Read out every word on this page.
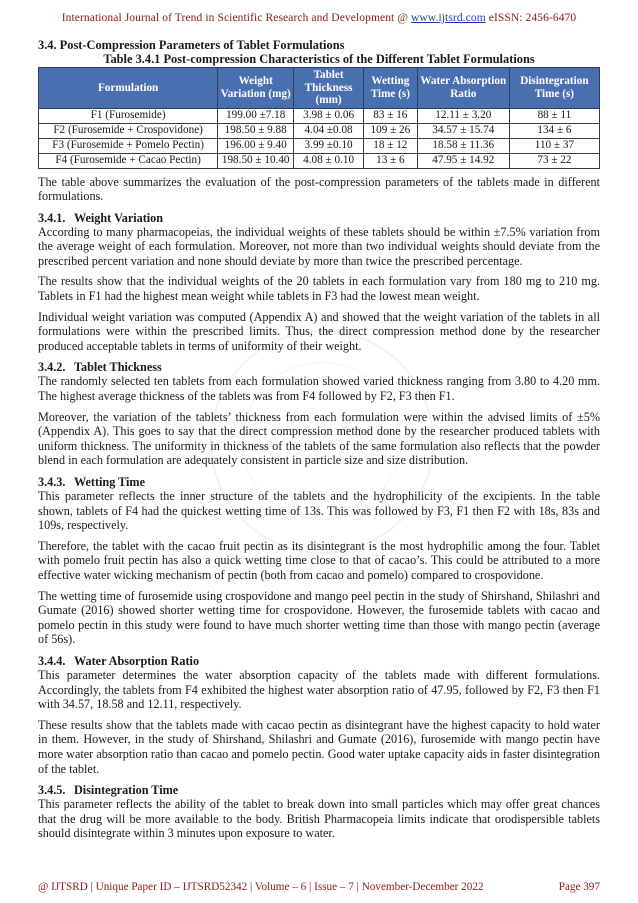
International Journal of Trend in Scientific Research and Development @ www.ijtsrd.com eISSN: 2456-6470
3.4. Post-Compression Parameters of Tablet Formulations
Table 3.4.1 Post-compression Characteristics of the Different Tablet Formulations
Formulation	Weight Variation (mg)	Tablet Thickness (mm)	Wetting Time (s)	Water Absorption Ratio	Disintegration Time (s)
F1 (Furosemide)	199.00 ±7.18	3.98 ± 0.06	83 ± 16	12.11 ± 3.20	88 ± 11
F2 (Furosemide + Crospovidone)	198.50 ± 9.88	4.04 ±0.08	109 ± 26	34.57 ± 15.74	134 ± 6
F3 (Furosemide + Pomelo Pectin)	196.00 ± 9.40	3.99 ±0.10	18 ± 12	18.58 ± 11.36	110 ± 37
F4 (Furosemide + Cacao Pectin)	198.50 ± 10.40	4.08 ± 0.10	13 ± 6	47.95 ± 14.92	73 ± 22

The table above summarizes the evaluation of the post-compression parameters of the tablets made in different formulations.

3.4.1. Weight Variation

According to many pharmacopeias, the individual weights of these tablets should be within ±7.5% variation from the average weight of each formulation. Moreover, not more than two individual weights should deviate from the prescribed percent variation and none should deviate by more than twice the prescribed percentage.

The results show that the individual weights of the 20 tablets in each formulation vary from 180 mg to 210 mg. Tablets in F1 had the highest mean weight while tablets in F3 had the lowest mean weight.

Individual weight variation was computed (Appendix A) and showed that the weight variation of the tablets in all formulations were within the prescribed limits. Thus, the direct compression method done by the researcher produced acceptable tablets in terms of uniformity of their weight.

3.4.2. Tablet Thickness

The randomly selected ten tablets from each formulation showed varied thickness ranging from 3.80 to 4.20 mm. The highest average thickness of the tablets was from F4 followed by F2, F3 then F1.

Moreover, the variation of the tablets’ thickness from each formulation were within the advised limits of ±5% (Appendix A). This goes to say that the direct compression method done by the researcher produced tablets with uniform thickness. The uniformity in thickness of the tablets of the same formulation also reflects that the powder blend in each formulation are adequately consistent in particle size and size distribution.

3.4.3. Wetting Time

This parameter reflects the inner structure of the tablets and the hydrophilicity of the excipients. In the table shown, tablets of F4 had the quickest wetting time of 13s. This was followed by F3, F1 then F2 with 18s, 83s and 109s, respectively.

Therefore, the tablet with the cacao fruit pectin as its disintegrant is the most hydrophilic among the four. Tablet with pomelo fruit pectin has also a quick wetting time close to that of cacao’s. This could be attributed to a more effective water wicking mechanism of pectin (both from cacao and pomelo) compared to crospovidone.

The wetting time of furosemide using crospovidone and mango peel pectin in the study of Shirshand, Shilashri and Gumate (2016) showed shorter wetting time for crospovidone. However, the furosemide tablets with cacao and pomelo pectin in this study were found to have much shorter wetting time than those with mango pectin (average of 56s).

3.4.4. Water Absorption Ratio

This parameter determines the water absorption capacity of the tablets made with different formulations. Accordingly, the tablets from F4 exhibited the highest water absorption ratio of 47.95, followed by F2, F3 then F1 with 34.57, 18.58 and 12.11, respectively.

These results show that the tablets made with cacao pectin as disintegrant have the highest capacity to hold water in them. However, in the study of Shirshand, Shilashri and Gumate (2016), furosemide with mango pectin have more water absorption ratio than cacao and pomelo pectin. Good water uptake capacity aids in faster disintegration of the tablet.

3.4.5. Disintegration Time

This parameter reflects the ability of the tablet to break down into small particles which may offer great chances that the drug will be more available to the body. British Pharmacopeia limits indicate that orodispersible tablets should disintegrate within 3 minutes upon exposure to water.

@ IJTSRD | Unique Paper ID – IJTSRD52342 | Volume – 6 | Issue – 7 | November-December 2022	Page 397
